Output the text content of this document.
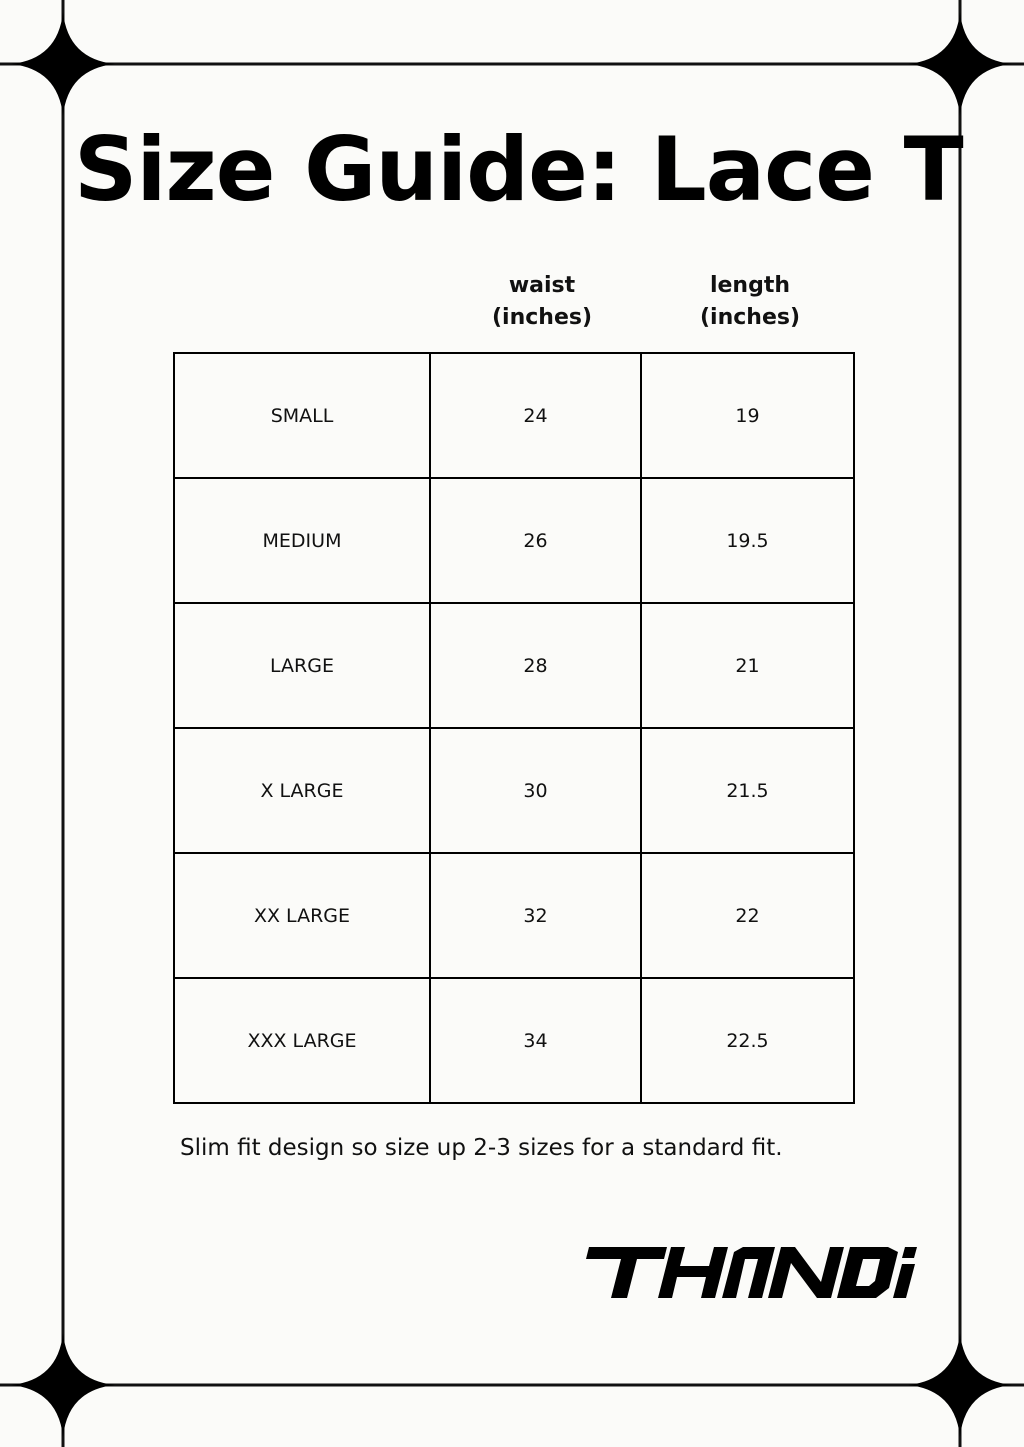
Size Guide: Lace T
waist
(inches)
length
(inches)
SMALL	24	19
MEDIUM	26	19.5
LARGE	28	21
X LARGE	30	21.5
XX LARGE	32	22
XXX LARGE	34	22.5

Slim fit design so size up 2-3 sizes for a standard fit.
